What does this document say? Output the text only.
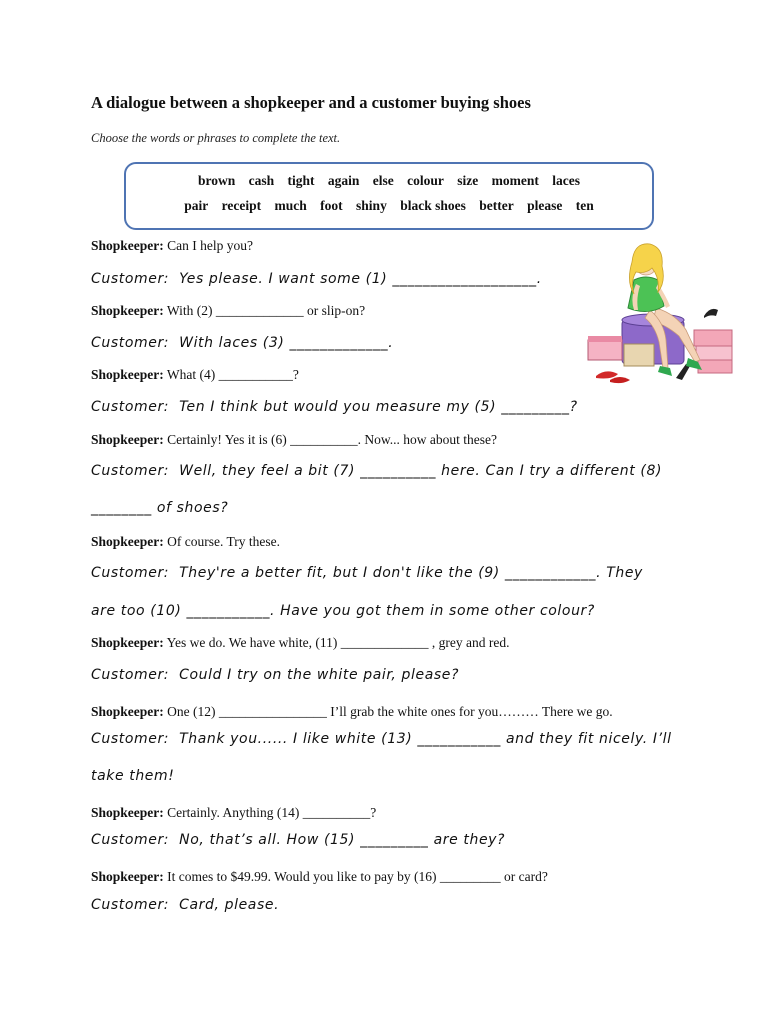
A dialogue between a shopkeeper and a customer buying shoes
Choose the words or phrases to complete the text.
brown cash tight again else colour size moment laces
pair receipt much foot shiny black shoes better please ten
Shopkeeper: Can I help you?
Customer: Yes please. I want some (1) ___________________.
Shopkeeper: With (2) _____________ or slip-on?
Customer: With laces (3) _____________.
Shopkeeper: What (4) ___________?
Customer: Ten I think but would you measure my (5) _________?
Shopkeeper: Certainly! Yes it is (6) __________. Now... how about these?
Customer: Well, they feel a bit (7) __________ here. Can I try a different (8)
________ of shoes?
Shopkeeper: Of course. Try these.
Customer: They're a better fit, but I don't like the (9) ____________. They
are too (10) ___________. Have you got them in some other colour?
Shopkeeper: Yes we do. We have white, (11) _____________ , grey and red.
Customer: Could I try on the white pair, please?
Shopkeeper: One (12) ________________ I’ll grab the white ones for you……… There we go.
Customer: Thank you...... I like white (13) ___________ and they fit nicely. I’ll
take them!
Shopkeeper: Certainly. Anything (14) __________?
Customer: No, that’s all. How (15) _________ are they?
Shopkeeper: It comes to $49.99. Would you like to pay by (16) _________ or card?
Customer: Card, please.
